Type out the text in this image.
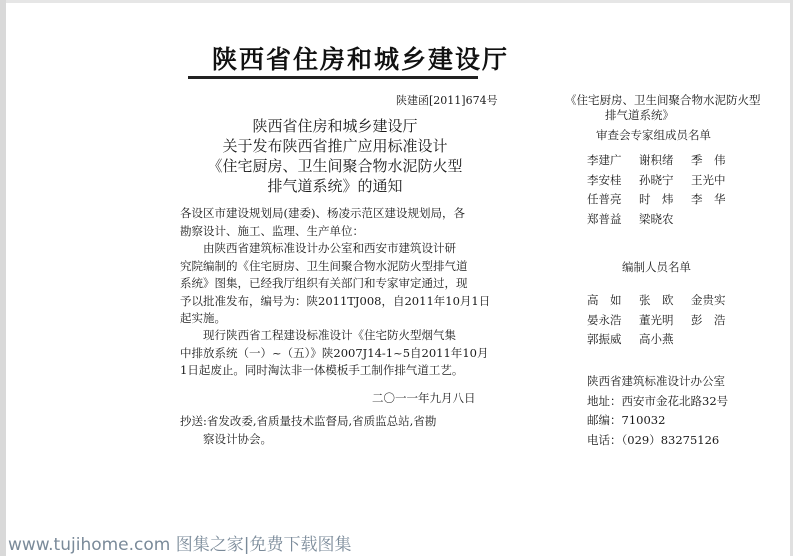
陕西省住房和城乡建设厅
陕建函[2011]674号
陕西省住房和城乡建设厅
关于发布陕西省推广应用标准设计
《住宅厨房、卫生间聚合物水泥防火型
排气道系统》的通知
各设区市建设规划局(建委)、杨凌示范区建设规划局，各
勘察设计、施工、监理、生产单位：
由陕西省建筑标准设计办公室和西安市建筑设计研
究院编制的《住宅厨房、卫生间聚合物水泥防火型排气道
系统》图集，已经我厅组织有关部门和专家审定通过，现
予以批准发布，编号为：陕2011TJ008，自2011年10月1日
起实施。
现行陕西省工程建设标准设计《住宅防火型烟气集
中排放系统（一）~（五）》陕2007J14-1~5自2011年10月
1日起废止。同时淘汰非一体模板手工制作排气道工艺。
二〇一一年九月八日
抄送:省发改委,省质量技术监督局,省质监总站,省勘
察设计协会。
《住宅厨房、卫生间聚合物水泥防火型
排气道系统》
审查会专家组成员名单
李建广 谢积绪 季　伟
李安桂 孙晓宁 王光中
任普亮 时　炜 李　华
郑普益 梁晓农
编制人员名单
高　如 张　欧 金贵实
晏永浩 董光明 彭　浩
郭振威 高小燕
陕西省建筑标准设计办公室
地址：西安市金花北路32号
邮编：710032
电话：（029）83275126
www.tujihome.com 图集之家|免费下载图集
